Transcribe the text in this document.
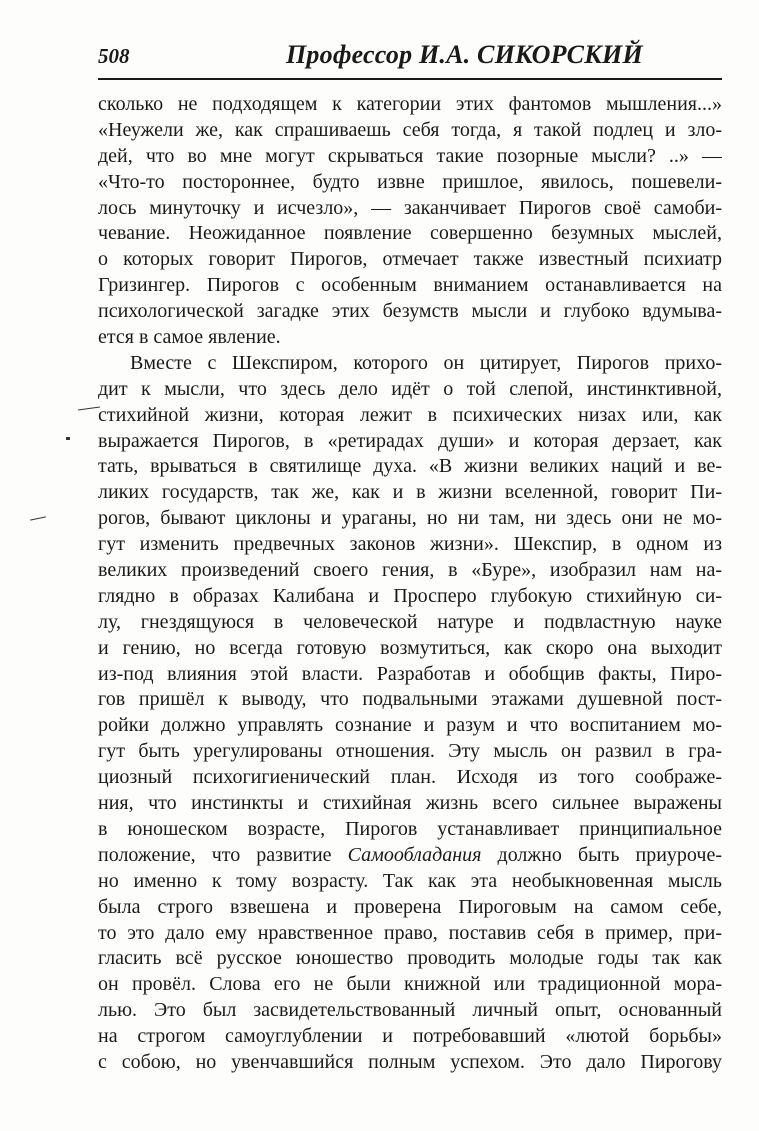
508	Профессор И.А. СИКОРСКИЙ
сколько не подходящем к категории этих фантомов мышления...»
«Неужели же, как спрашиваешь себя тогда, я такой подлец и зло-
дей, что во мне могут скрываться такие позорные мысли? ..» —
«Что-то постороннее, будто извне пришлое, явилось, пошевели-
лось минуточку и исчезло», — заканчивает Пирогов своё самоби-
чевание. Неожиданное появление совершенно безумных мыслей,
о которых говорит Пирогов, отмечает также известный психиатр
Гризингер. Пирогов с особенным вниманием останавливается на
психологической загадке этих безумств мысли и глубоко вдумыва-
ется в самое явление.
Вместе с Шекспиром, которого он цитирует, Пирогов прихо-
дит к мысли, что здесь дело идёт о той слепой, инстинктивной,
стихийной жизни, которая лежит в психических низах или, как
выражается Пирогов, в «ретирадах души» и которая дерзает, как
тать, врываться в святилище духа. «В жизни великих наций и ве-
ликих государств, так же, как и в жизни вселенной, говорит Пи-
рогов, бывают циклоны и ураганы, но ни там, ни здесь они не мо-
гут изменить предвечных законов жизни». Шекспир, в одном из
великих произведений своего гения, в «Буре», изобразил нам на-
глядно в образах Калибана и Просперо глубокую стихийную си-
лу, гнездящуюся в человеческой натуре и подвластную науке
и гению, но всегда готовую возмутиться, как скоро она выходит
из-под влияния этой власти. Разработав и обобщив факты, Пиро-
гов пришёл к выводу, что подвальными этажами душевной пост-
ройки должно управлять сознание и разум и что воспитанием мо-
гут быть урегулированы отношения. Эту мысль он развил в гра-
циозный психогигиенический план. Исходя из того соображе-
ния, что инстинкты и стихийная жизнь всего сильнее выражены
в юношеском возрасте, Пирогов устанавливает принципиальное
положение, что развитие Самообладания должно быть приуроче-
но именно к тому возрасту. Так как эта необыкновенная мысль
была строго взвешена и проверена Пироговым на самом себе,
то это дало ему нравственное право, поставив себя в пример, при-
гласить всё русское юношество проводить молодые годы так как
он провёл. Слова его не были книжной или традиционной мора-
лью. Это был засвидетельствованный личный опыт, основанный
на строгом самоуглублении и потребовавший «лютой борьбы»
с собою, но увенчавшийся полным успехом. Это дало Пирогову
